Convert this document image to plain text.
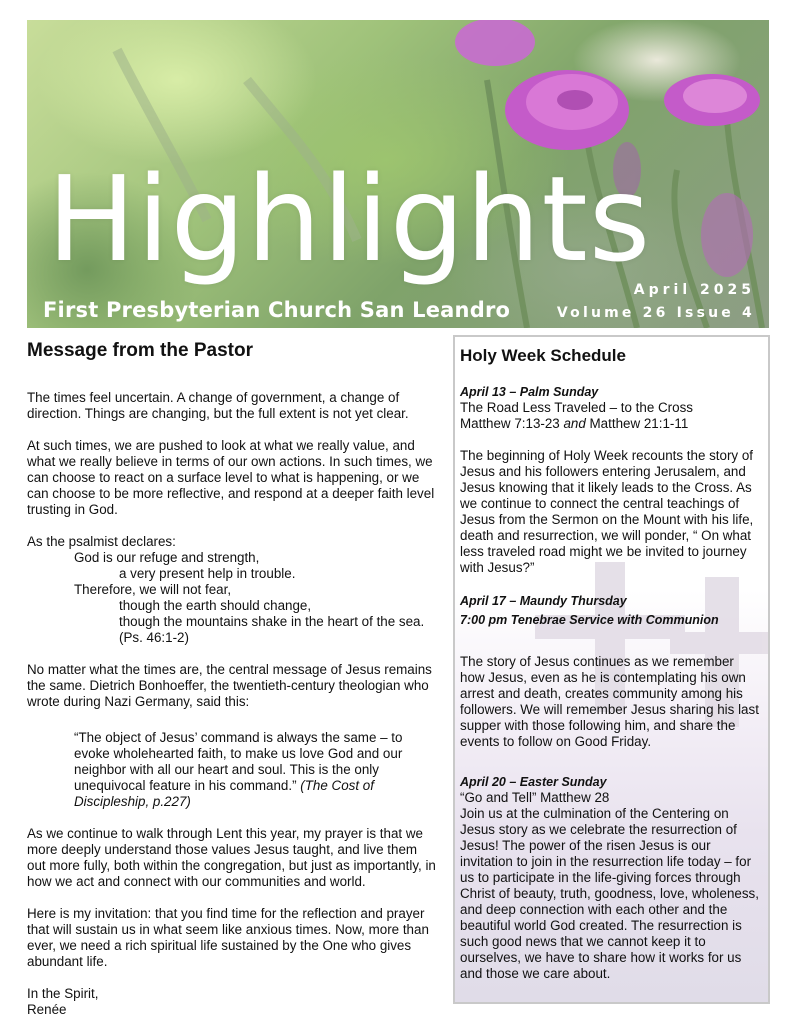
Highlights
First Presbyterian Church San Leandro
April 2025
Volume 26 Issue 4
Message from the Pastor

The times feel uncertain. A change of government, a change of direction. Things are changing, but the full extent is not yet clear.

At such times, we are pushed to look at what we really value, and what we really believe in terms of our own actions. In such times, we can choose to react on a surface level to what is happening, or we can choose to be more reflective, and respond at a deeper faith level trusting in God.

As the psalmist declares:

God is our refuge and strength,

a very present help in trouble.

Therefore, we will not fear,

though the earth should change,

though the mountains shake in the heart of the sea. (Ps. 46:1-2)

No matter what the times are, the central message of Jesus remains the same. Dietrich Bonhoeffer, the twentieth-century theologian who wrote during Nazi Germany, said this:

“The object of Jesus’ command is always the same – to evoke wholehearted faith, to make us love God and our neighbor with all our heart and soul. This is the only unequivocal feature in his command.” (The Cost of Discipleship, p.227)

As we continue to walk through Lent this year, my prayer is that we more deeply understand those values Jesus taught, and live them out more fully, both within the congregation, but just as importantly, in how we act and connect with our communities and world.

Here is my invitation: that you find time for the reflection and prayer that will sustain us in what seem like anxious times. Now, more than ever, we need a rich spiritual life sustained by the One who gives abundant life.

In the Spirit,

Renée

Holy Week Schedule

April 13 – Palm Sunday

The Road Less Traveled – to the Cross

Matthew 7:13-23 and Matthew 21:1-11

The beginning of Holy Week recounts the story of Jesus and his followers entering Jerusalem, and Jesus knowing that it likely leads to the Cross. As we continue to connect the central teachings of Jesus from the Sermon on the Mount with his life, death and resurrection, we will ponder, “ On what less traveled road might we be invited to journey with Jesus?”

April 17 – Maundy Thursday

7:00 pm Tenebrae Service with Communion

The story of Jesus continues as we remember how Jesus, even as he is contemplating his own arrest and death, creates community among his followers. We will remember Jesus sharing his last supper with those following him, and share the events to follow on Good Friday.

April 20 – Easter Sunday

“Go and Tell” Matthew 28

Join us at the culmination of the Centering on Jesus story as we celebrate the resurrection of Jesus! The power of the risen Jesus is our invitation to join in the resurrection life today – for us to participate in the life-giving forces through Christ of beauty, truth, goodness, love, wholeness, and deep connection with each other and the beautiful world God created. The resurrection is such good news that we cannot keep it to ourselves, we have to share how it works for us and those we care about.
